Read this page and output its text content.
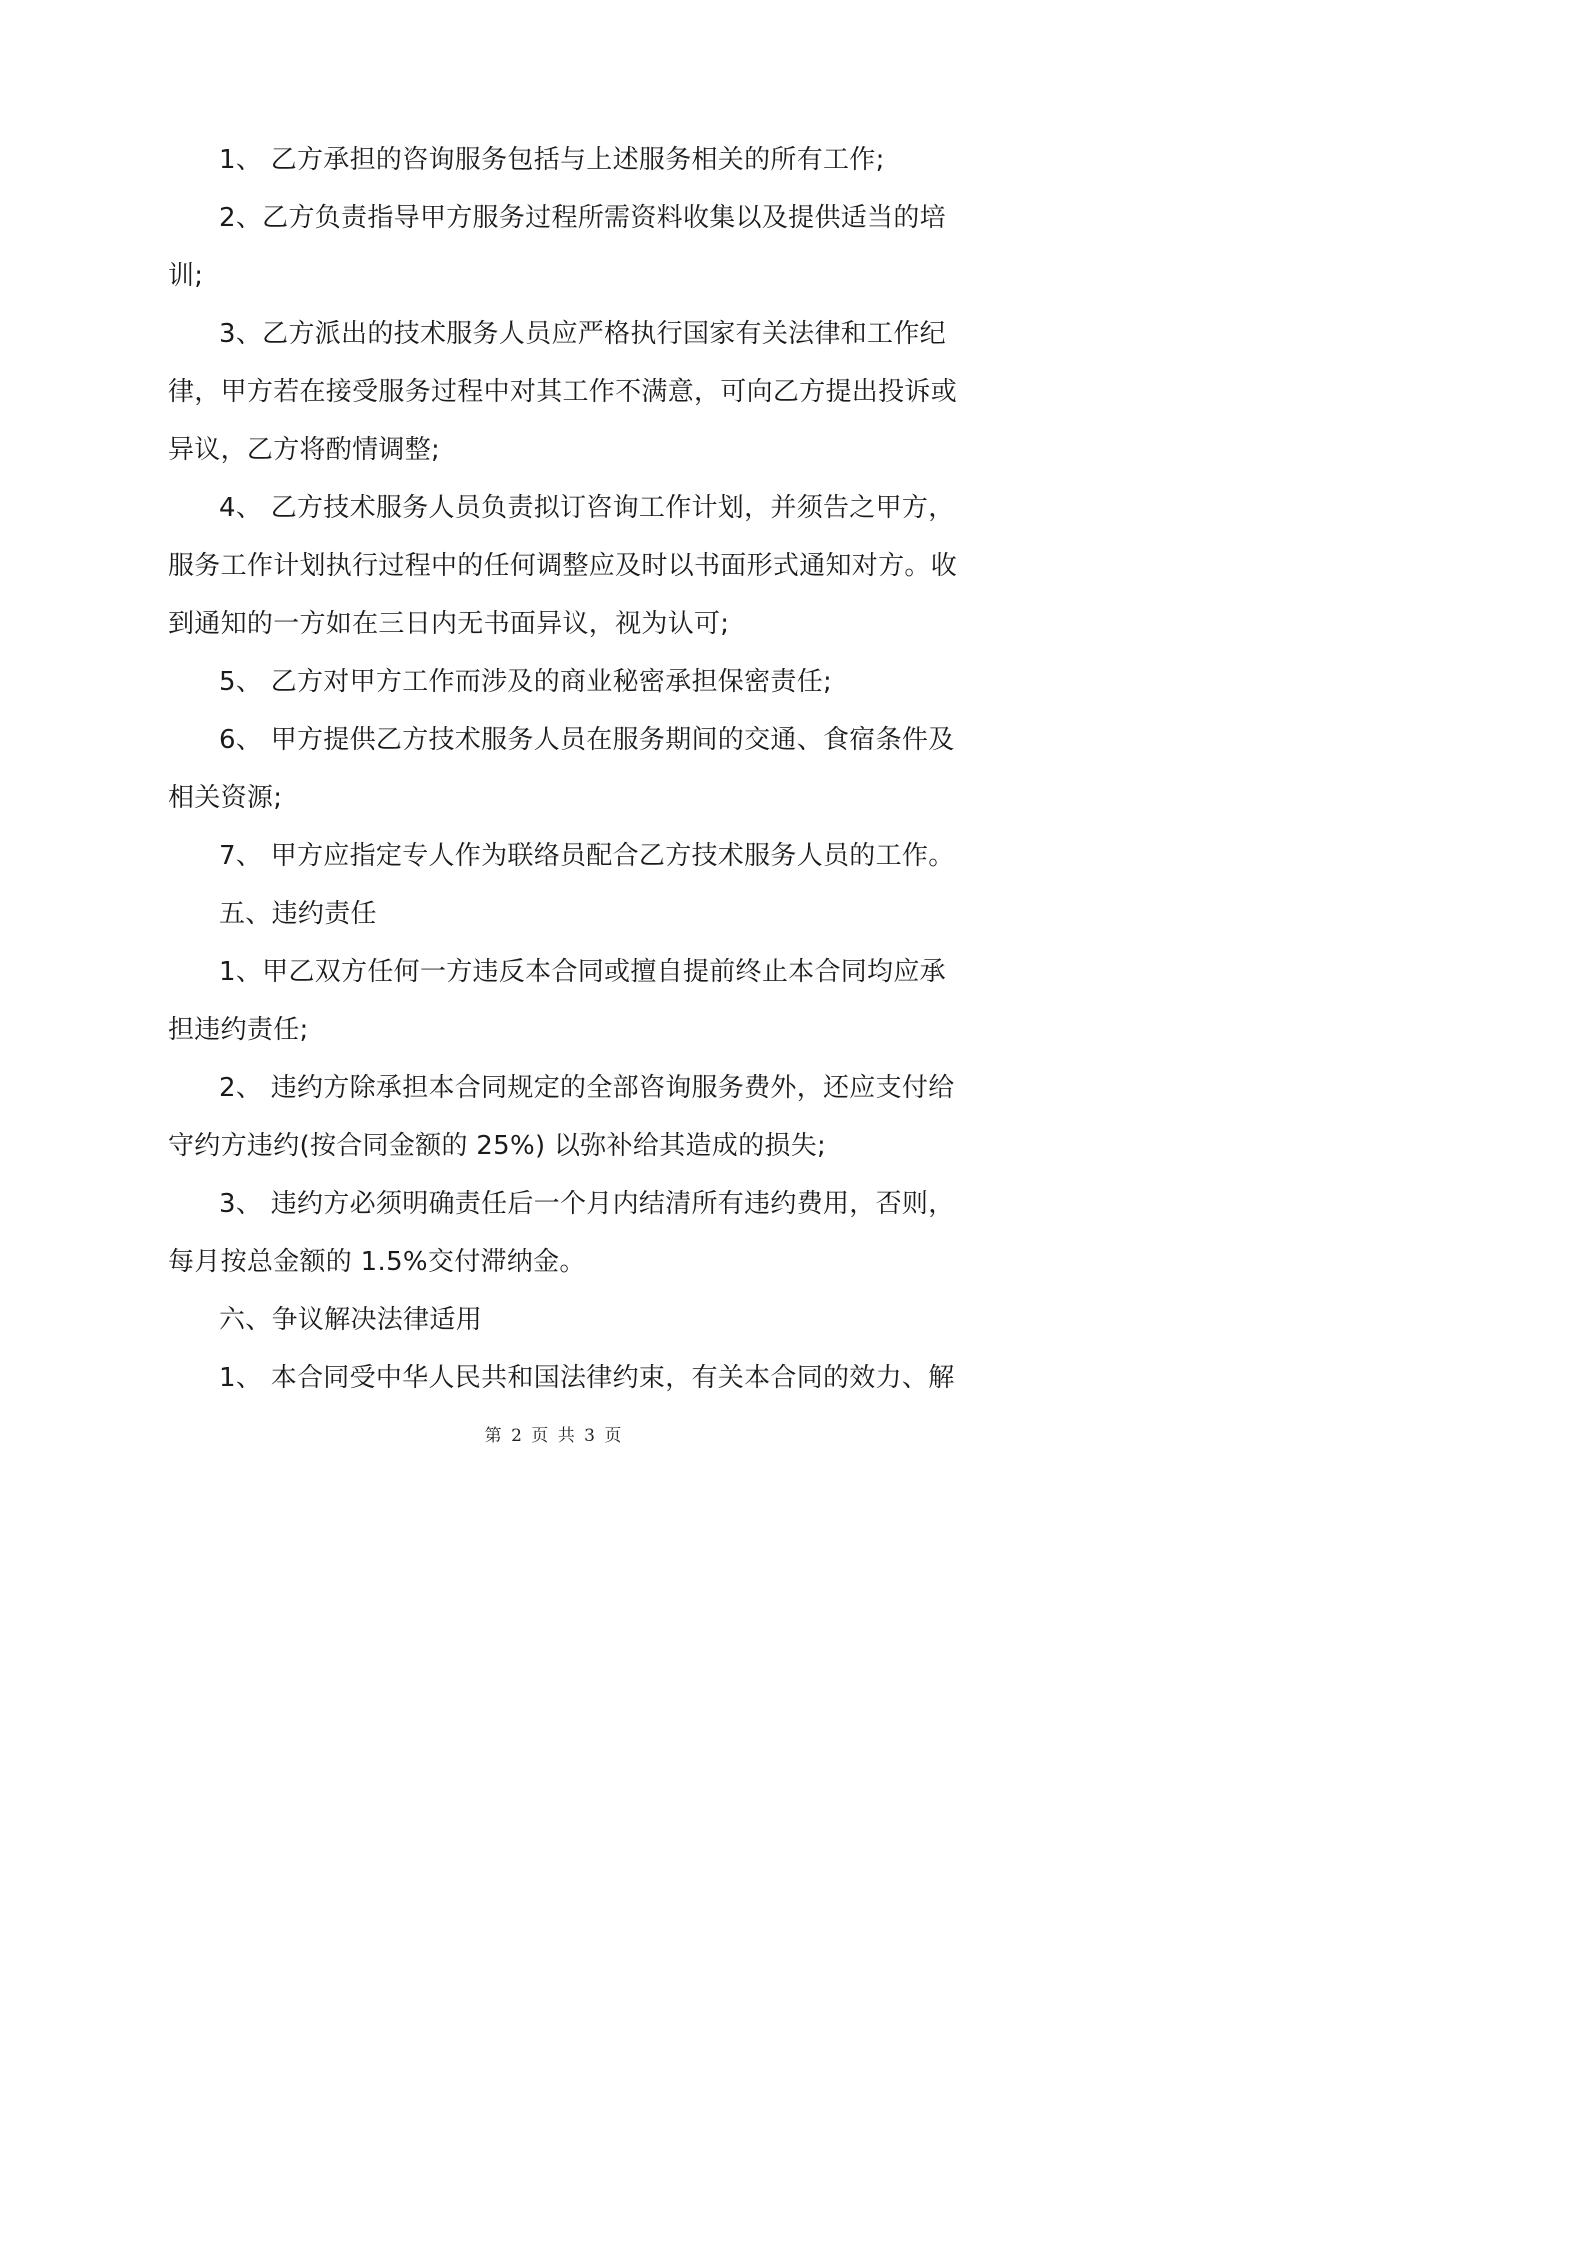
1、 乙方承担的咨询服务包括与上述服务相关的所有工作;
2、乙方负责指导甲方服务过程所需资料收集以及提供适当的培
训;
3、乙方派出的技术服务人员应严格执行国家有关法律和工作纪
律，甲方若在接受服务过程中对其工作不满意，可向乙方提出投诉或
异议，乙方将酌情调整;
4、 乙方技术服务人员负责拟订咨询工作计划，并须告之甲方，
服务工作计划执行过程中的任何调整应及时以书面形式通知对方。收
到通知的一方如在三日内无书面异议，视为认可;
5、 乙方对甲方工作而涉及的商业秘密承担保密责任;
6、 甲方提供乙方技术服务人员在服务期间的交通、食宿条件及
相关资源;
7、 甲方应指定专人作为联络员配合乙方技术服务人员的工作。
五、违约责任
1、甲乙双方任何一方违反本合同或擅自提前终止本合同均应承
担违约责任;
2、 违约方除承担本合同规定的全部咨询服务费外，还应支付给
守约方违约(按合同金额的 25%) 以弥补给其造成的损失;
3、 违约方必须明确责任后一个月内结清所有违约费用，否则，
每月按总金额的 1.5%交付滞纳金。
六、争议解决法律适用
1、 本合同受中华人民共和国法律约束，有关本合同的效力、解
第 2 页 共 3 页
